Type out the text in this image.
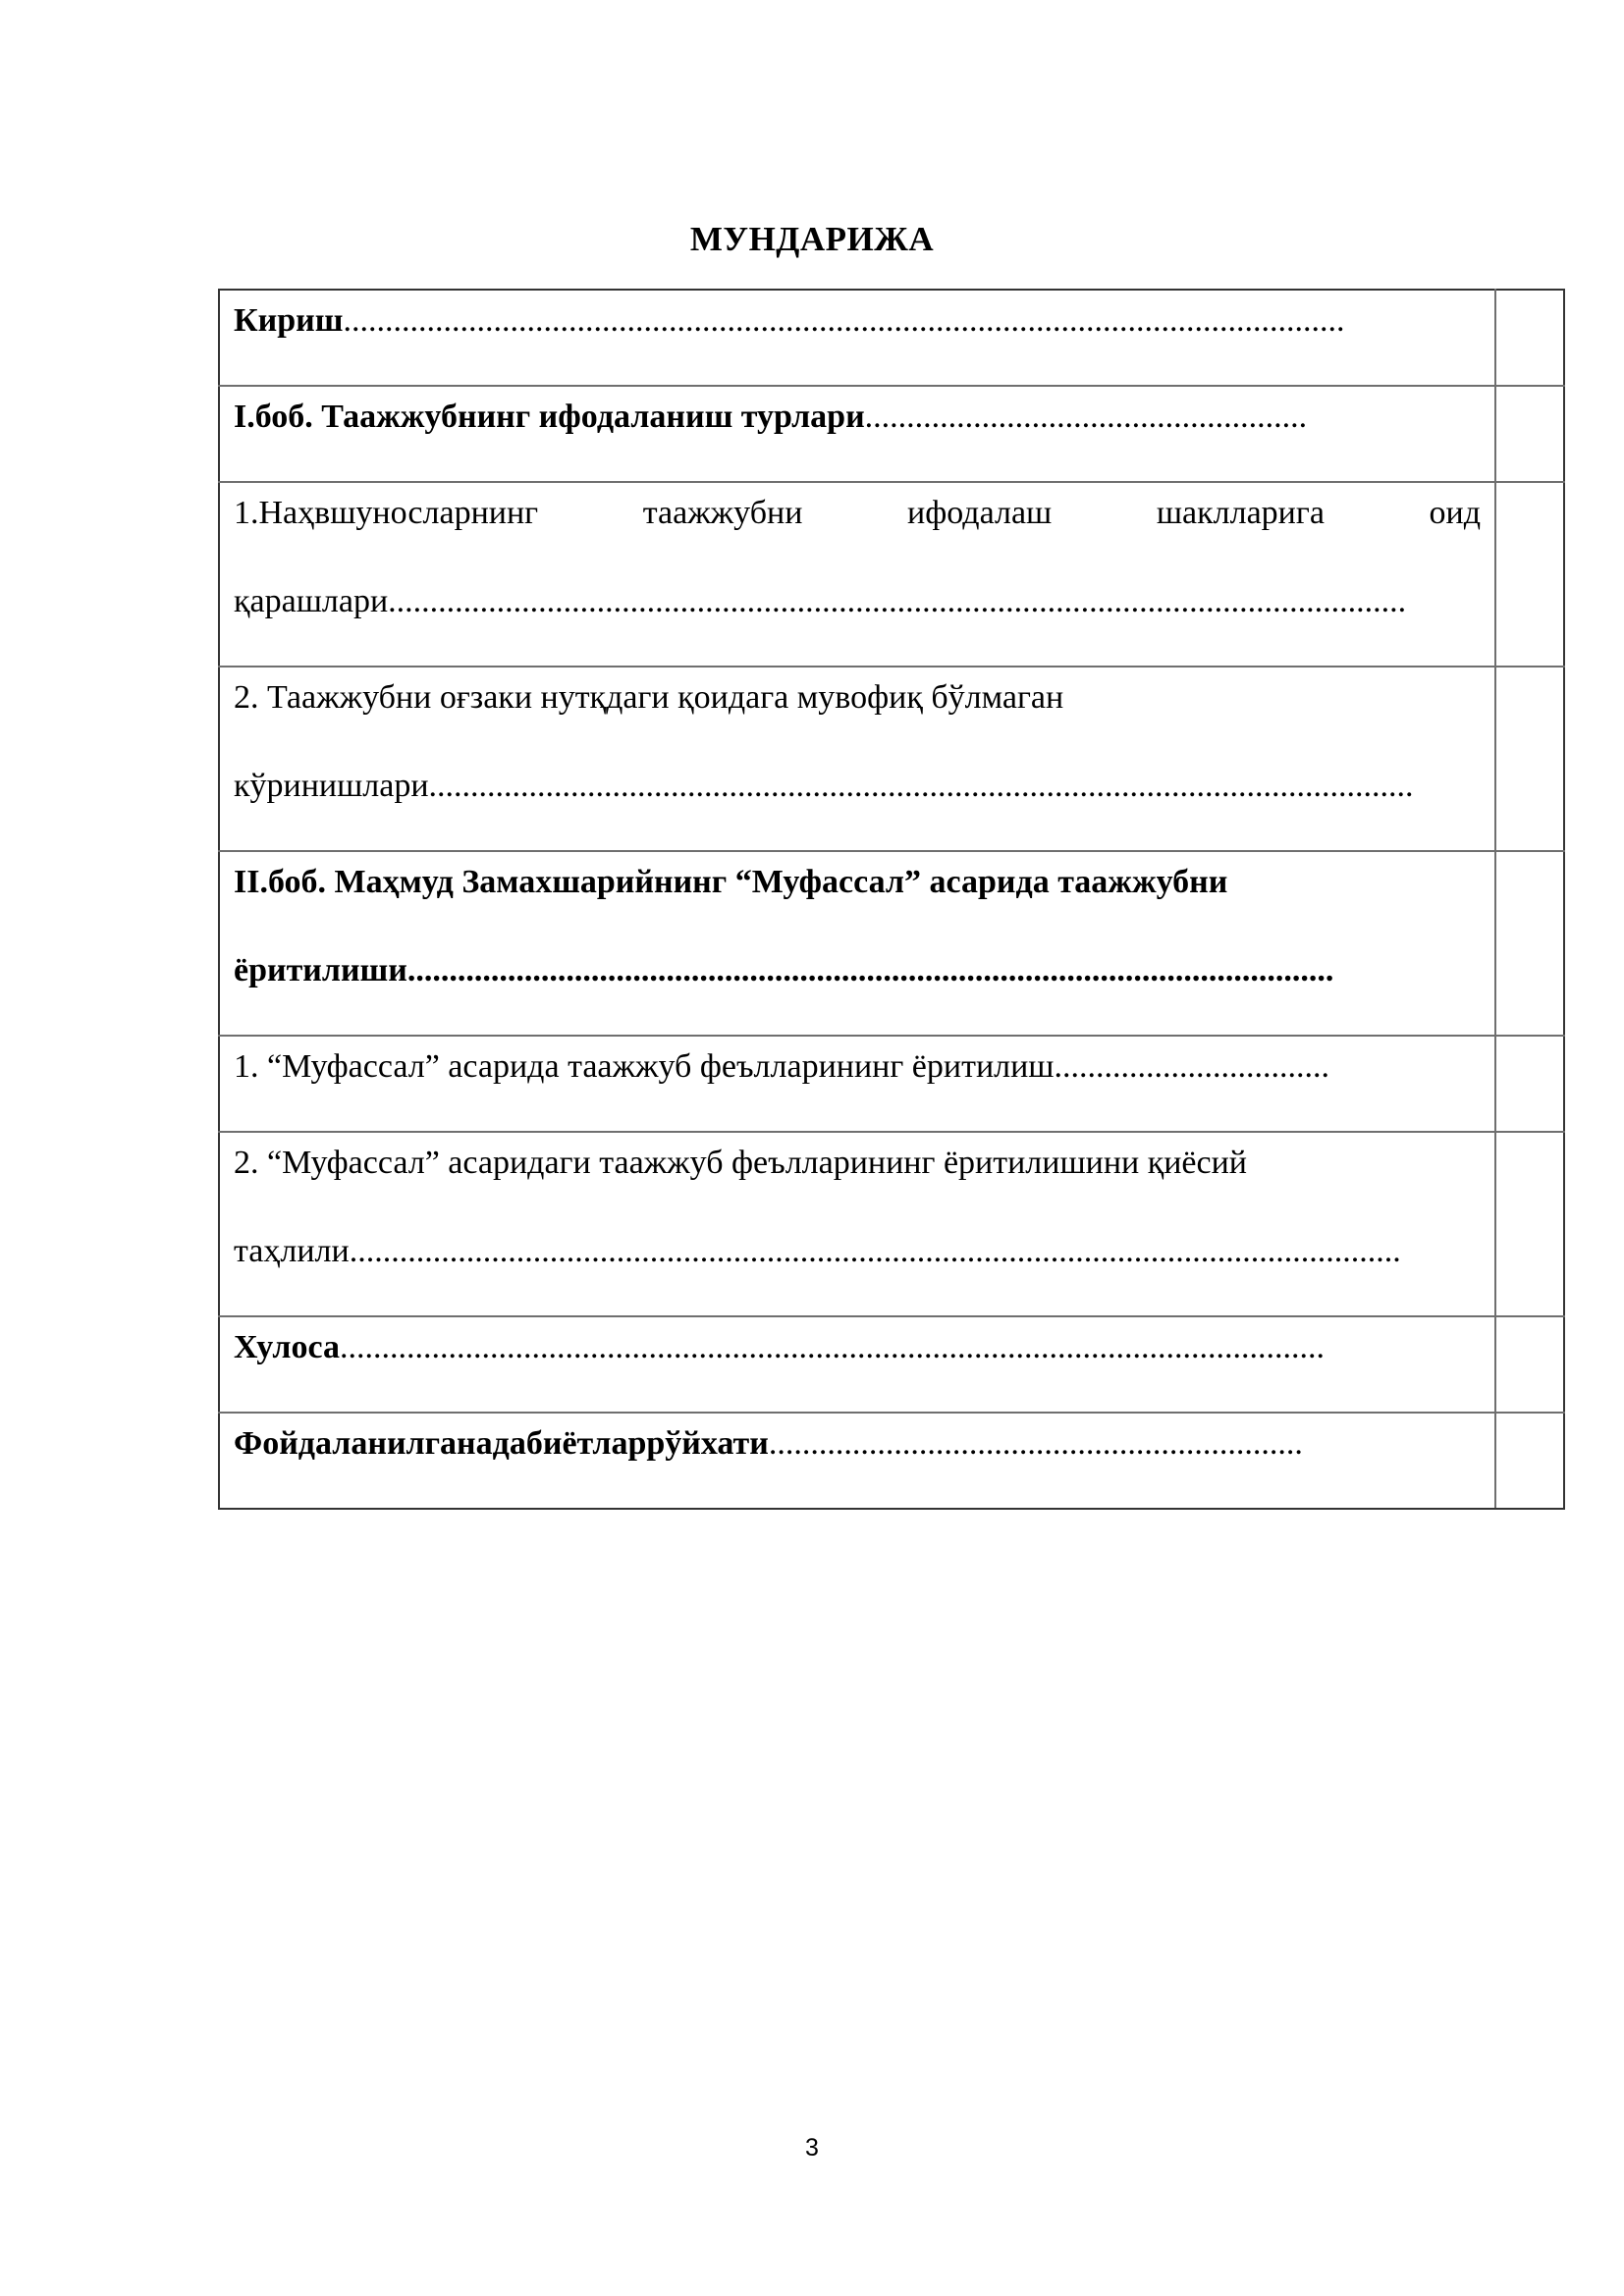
МУНДАРИЖА
Кириш........................................................................................................................	

I.боб. Таажжубнинг ифодаланиш турлари.....................................................	

1.Наҳвшуносларнинг таажжубни ифодалаш шаклларига оид
қарашлари..........................................................................................................................	

2. Таажжубни оғзаки нутқдаги қоидага мувофиқ бўлмаган
кўринишлари......................................................................................................................	

II.боб. Маҳмуд Замахшарийнинг “Муфассал” асарида таажжубни
ёритилиши...............................................................................................................	

1. “Муфассал” асарида таажжуб феълларининг ёритилиш.................................	

2. “Муфассал” асаридаги таажжуб феълларининг ёритилишини қиёсий
таҳлили..............................................................................................................................	

Хулоса......................................................................................................................	

Фойдаланилганадабиётларрўйхати................................................................	

3
